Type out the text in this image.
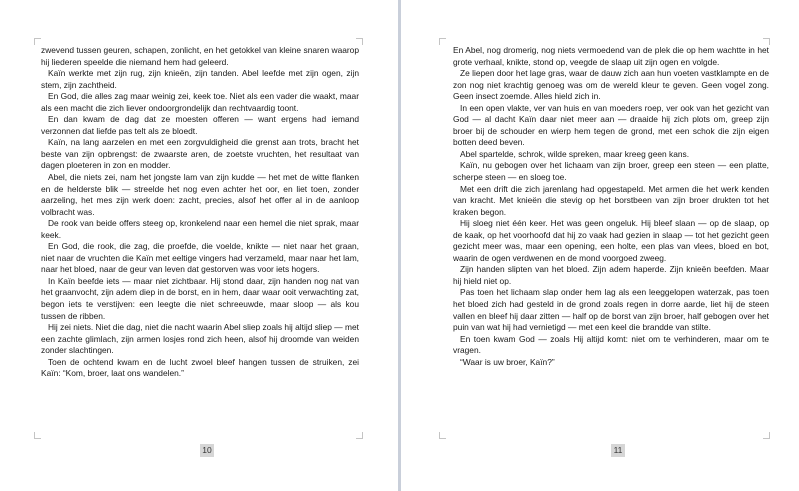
zwevend tussen geuren, schapen, zonlicht, en het getokkel van kleine snaren waarop hij liederen speelde die niemand hem had geleerd.

Kaïn werkte met zijn rug, zijn knieën, zijn tanden. Abel leefde met zijn ogen, zijn stem, zijn zachtheid.

En God, die alles zag maar weinig zei, keek toe. Niet als een vader die waakt, maar als een macht die zich liever ondoorgrondelijk dan rechtvaardig toont.

En dan kwam de dag dat ze moesten offeren — want ergens had iemand verzonnen dat liefde pas telt als ze bloedt.

Kaïn, na lang aarzelen en met een zorgvuldigheid die grenst aan trots, bracht het beste van zijn opbrengst: de zwaarste aren, de zoetste vruchten, het resultaat van dagen ploeteren in zon en modder.

Abel, die niets zei, nam het jongste lam van zijn kudde — het met de witte flanken en de helderste blik — streelde het nog even achter het oor, en liet toen, zonder aarzeling, het mes zijn werk doen: zacht, precies, alsof het offer al in de aanloop volbracht was.

De rook van beide offers steeg op, kronkelend naar een hemel die niet sprak, maar keek.

En God, die rook, die zag, die proefde, die voelde, knikte — niet naar het graan, niet naar de vruchten die Kaïn met eeltige vingers had verzameld, maar naar het lam, naar het bloed, naar de geur van leven dat gestorven was voor iets hogers.

In Kaïn beefde iets — maar niet zichtbaar. Hij stond daar, zijn handen nog nat van het graanvocht, zijn adem diep in de borst, en in hem, daar waar ooit verwachting zat, begon iets te verstijven: een leegte die niet schreeuwde, maar sloop — als kou tussen de ribben.

Hij zei niets. Niet die dag, niet die nacht waarin Abel sliep zoals hij altijd sliep — met een zachte glimlach, zijn armen losjes rond zich heen, alsof hij droomde van weiden zonder slachtingen.

Toen de ochtend kwam en de lucht zwoel bleef hangen tussen de struiken, zei Kaïn: “Kom, broer, laat ons wandelen.”

10

En Abel, nog dromerig, nog niets vermoedend van de plek die op hem wachtte in het grote verhaal, knikte, stond op, veegde de slaap uit zijn ogen en volgde.

Ze liepen door het lage gras, waar de dauw zich aan hun voeten vastklampte en de zon nog niet krachtig genoeg was om de wereld kleur te geven. Geen vogel zong. Geen insect zoemde. Alles hield zich in.

In een open vlakte, ver van huis en van moeders roep, ver ook van het gezicht van God — al dacht Kaïn daar niet meer aan — draaide hij zich plots om, greep zijn broer bij de schouder en wierp hem tegen de grond, met een schok die zijn eigen botten deed beven.

Abel spartelde, schrok, wilde spreken, maar kreeg geen kans.

Kaïn, nu gebogen over het lichaam van zijn broer, greep een steen — een platte, scherpe steen — en sloeg toe.

Met een drift die zich jarenlang had opgestapeld. Met armen die het werk kenden van kracht. Met knieën die stevig op het borstbeen van zijn broer drukten tot het kraken begon.

Hij sloeg niet één keer. Het was geen ongeluk. Hij bleef slaan — op de slaap, op de kaak, op het voorhoofd dat hij zo vaak had gezien in slaap — tot het gezicht geen gezicht meer was, maar een opening, een holte, een plas van vlees, bloed en bot, waarin de ogen verdwenen en de mond voorgoed zweeg.

Zijn handen slipten van het bloed. Zijn adem haperde. Zijn knieën beefden. Maar hij hield niet op.

Pas toen het lichaam slap onder hem lag als een leeggelopen waterzak, pas toen het bloed zich had gesteld in de grond zoals regen in dorre aarde, liet hij de steen vallen en bleef hij daar zitten — half op de borst van zijn broer, half gebogen over het puin van wat hij had vernietigd — met een keel die brandde van stilte.

En toen kwam God — zoals Hij altijd komt: niet om te verhinderen, maar om te vragen.

“Waar is uw broer, Kaïn?”

11
